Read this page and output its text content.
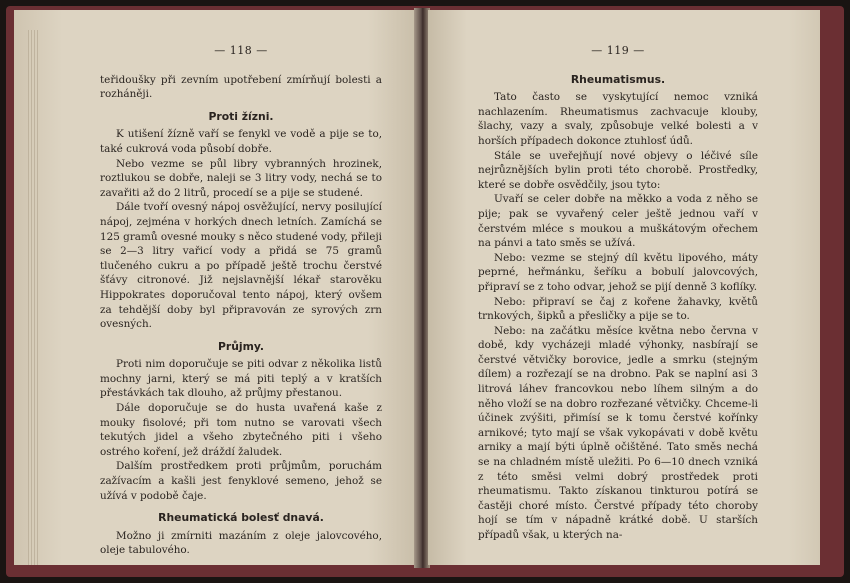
— 118 —

teřidoušky při zevním upotřebení zmírňují bolesti a rozháněji.

Proti žízni.

K utišení žízně vaří se fenykl ve vodě a pije se to, také cukrová voda působí dobře.

Nebo vezme se půl libry vybranných hrozinek, roztlukou se dobře, naleji se 3 litry vody, nechá se to zavařiti až do 2 litrů, procedí se a pije se studené.

Dále tvoří ovesný nápoj osvěžující, nervy posilující nápoj, zejména v horkých dnech letních. Zamíchá se 125 gramů ovesné mouky s něco studené vody, přileji se 2—3 litry vařicí vody a přidá se 75 gramů tlučeného cukru a po případě ještě trochu čerstvé šťávy citronové. Již nejslavnější lékař starověku Hippokrates doporučoval tento nápoj, který ovšem za tehdější doby byl připravován ze syrových zrn ovesných.

Průjmy.

Proti nim doporučuje se piti odvar z několika listů mochny jarni, který se má piti teplý a v kratších přestávkách tak dlouho, až průjmy přestanou.

Dále doporučuje se do husta uvařená kaše z mouky fisolové; při tom nutno se varovati všech tekutých jidel a všeho zbytečného piti i všeho ostrého koření, jež dráždí žaludek.

Dalším prostředkem proti průjmům, poruchám zažívacím a kašli jest fenyklové semeno, jehož se užívá v podobě čaje.

Rheumatická bolesť dnavá.

Možno ji zmírniti mazáním z oleje jalovcového, oleje tabulového.

— 119 —
Rheumatismus.

Tato často se vyskytující nemoc vzniká nachlazením. Rheumatismus zachvacuje klouby, šlachy, vazy a svaly, způsobuje velké bolesti a v horších případech dokonce ztuhlosť údů.

Stále se uveřejňují nové objevy o léčivé síle nejrůznějších bylin proti této chorobě. Prostředky, které se dobře osvědčily, jsou tyto:

Uvaří se celer dobře na měkko a voda z něho se pije; pak se vyvařený celer ještě jednou vaří v čerstvém mléce s moukou a muškátovým ořechem na pánvi a tato směs se užívá.

Nebo: vezme se stejný díl květu lipového, máty peprné, heřmánku, šeříku a bobulí jalovcových, připraví se z toho odvar, jehož se pijí denně 3 koflíky.

Nebo: připraví se čaj z kořene žahavky, květů trnkových, šipků a přesličky a pije se to.

Nebo: na začátku měsíce května nebo června v době, kdy vycházeji mladé výhonky, nasbírají se čerstvé větvičky borovice, jedle a smrku (stejným dílem) a rozřezají se na drobno. Pak se naplní asi 3 litrová láhev francovkou nebo líhem silným a do něho vloží se na dobro rozřezané větvičky. Chceme-li účinek zvýšiti, přimísí se k tomu čerstvé kořínky arnikové; tyto mají se však vykopávati v době květu arniky a mají býti úplně očištěné. Tato směs nechá se na chladném místě uležiti. Po 6—10 dnech vzniká z této směsi velmi dobrý prostředek proti rheumatismu. Takto získanou tinkturou potírá se častěji choré místo. Čerstvé případy této choroby hojí se tím v nápadně krátké době. U starších případů však, u kterých na-
